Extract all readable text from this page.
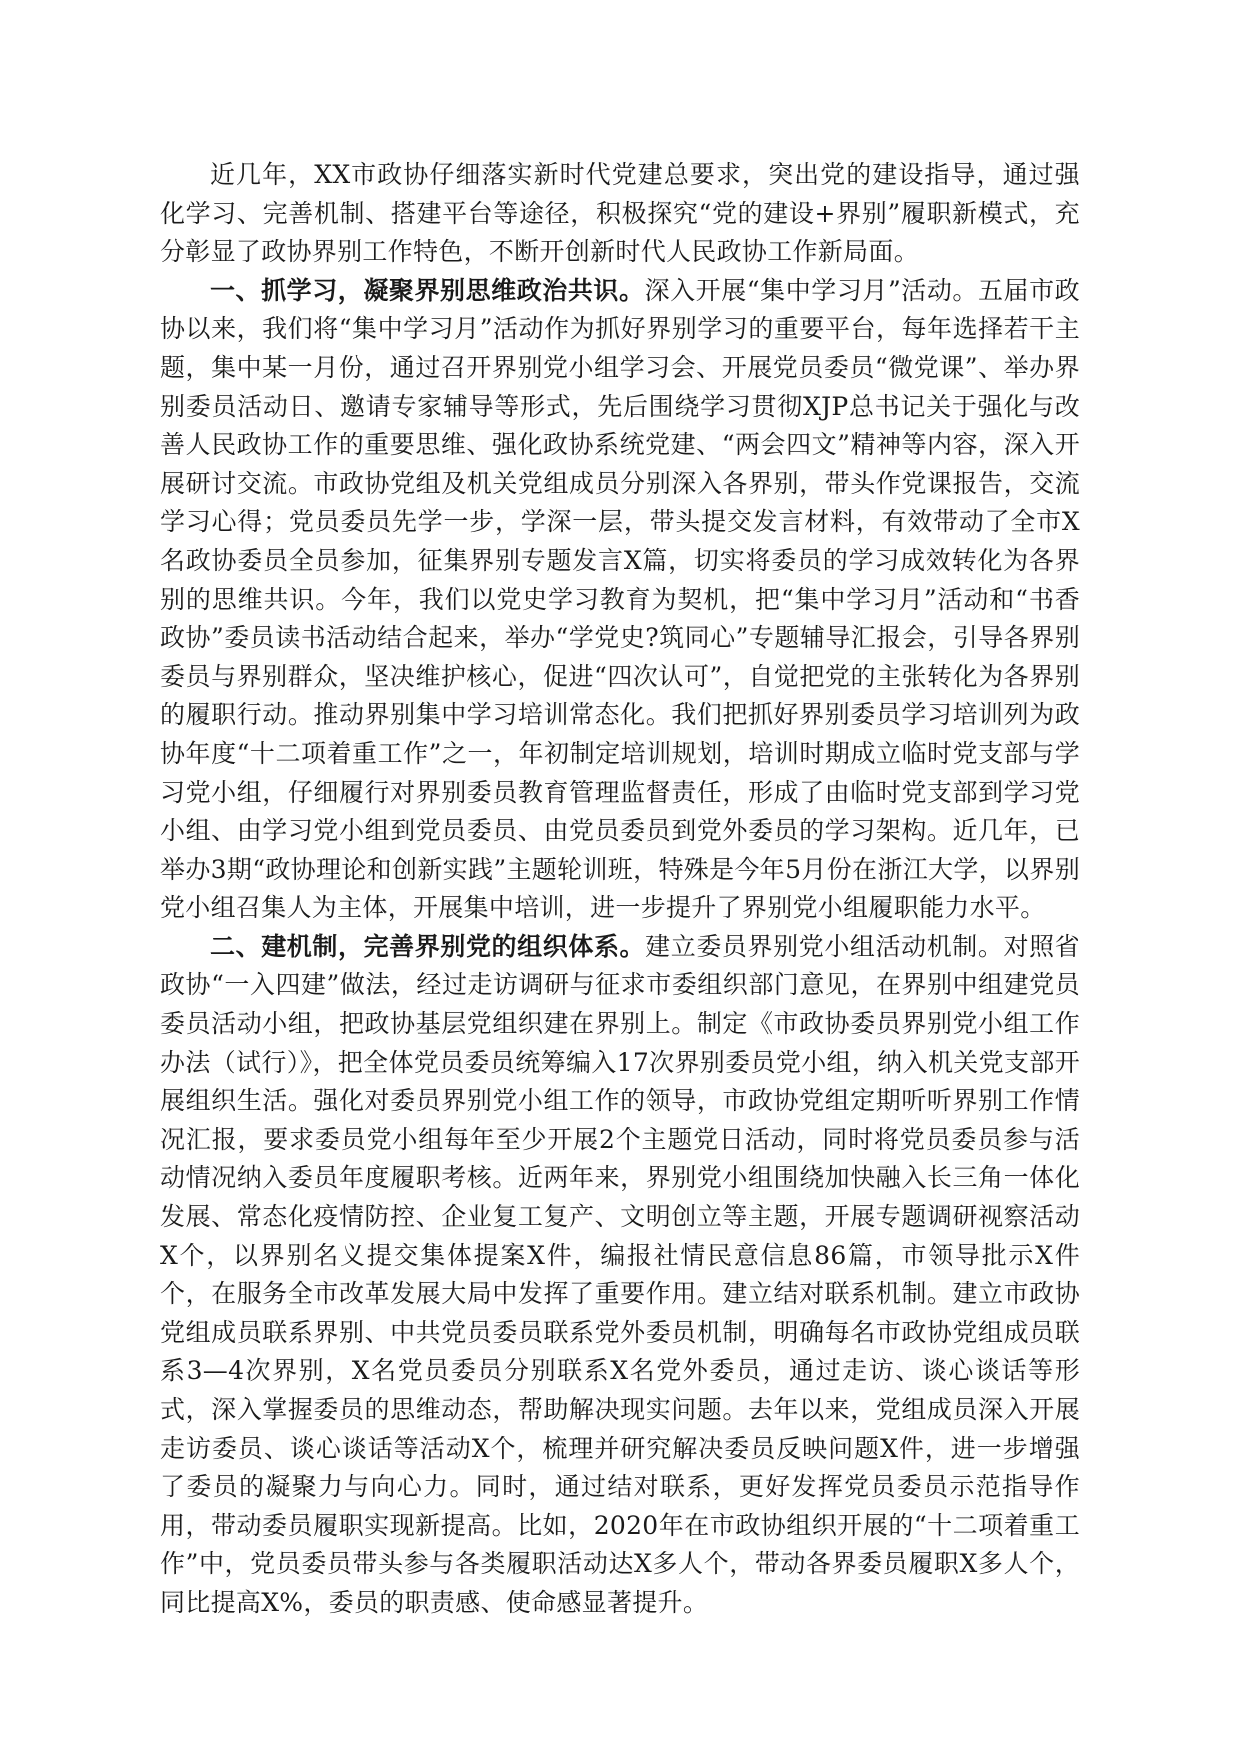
近几年，XX市政协仔细落实新时代党建总要求，突出党的建设指导，通过强化学习、完善机制、搭建平台等途径，积极探究“党的建设+界别”履职新模式，充分彰显了政协界别工作特色，不断开创新时代人民政协工作新局面。

一、抓学习，凝聚界别思维政治共识。深入开展“集中学习月”活动。五届市政协以来，我们将“集中学习月”活动作为抓好界别学习的重要平台，每年选择若干主题，集中某一月份，通过召开界别党小组学习会、开展党员委员“微党课”、举办界别委员活动日、邀请专家辅导等形式，先后围绕学习贯彻XJP总书记关于强化与改善人民政协工作的重要思维、强化政协系统党建、“两会四文”精神等内容，深入开展研讨交流。市政协党组及机关党组成员分别深入各界别，带头作党课报告，交流学习心得；党员委员先学一步，学深一层，带头提交发言材料，有效带动了全市X名政协委员全员参加，征集界别专题发言X篇，切实将委员的学习成效转化为各界别的思维共识。今年，我们以党史学习教育为契机，把“集中学习月”活动和“书香政协”委员读书活动结合起来，举办“学党史?筑同心”专题辅导汇报会，引导各界别委员与界别群众，坚决维护核心，促进“四次认可”，自觉把党的主张转化为各界别的履职行动。推动界别集中学习培训常态化。我们把抓好界别委员学习培训列为政协年度“十二项着重工作”之一，年初制定培训规划，培训时期成立临时党支部与学习党小组，仔细履行对界别委员教育管理监督责任，形成了由临时党支部到学习党小组、由学习党小组到党员委员、由党员委员到党外委员的学习架构。近几年，已举办3期“政协理论和创新实践”主题轮训班，特殊是今年5月份在浙江大学，以界别党小组召集人为主体，开展集中培训，进一步提升了界别党小组履职能力水平。

二、建机制，完善界别党的组织体系。建立委员界别党小组活动机制。对照省政协“一入四建”做法，经过走访调研与征求市委组织部门意见，在界别中组建党员委员活动小组，把政协基层党组织建在界别上。制定《市政协委员界别党小组工作办法（试行）》，把全体党员委员统筹编入17次界别委员党小组，纳入机关党支部开展组织生活。强化对委员界别党小组工作的领导，市政协党组定期听听界别工作情况汇报，要求委员党小组每年至少开展2个主题党日活动，同时将党员委员参与活动情况纳入委员年度履职考核。近两年来，界别党小组围绕加快融入长三角一体化发展、常态化疫情防控、企业复工复产、文明创立等主题，开展专题调研视察活动X个，以界别名义提交集体提案X件，编报社情民意信息86篇，市领导批示X件个，在服务全市改革发展大局中发挥了重要作用。建立结对联系机制。建立市政协党组成员联系界别、中共党员委员联系党外委员机制，明确每名市政协党组成员联系3—4次界别，X名党员委员分别联系X名党外委员，通过走访、谈心谈话等形式，深入掌握委员的思维动态，帮助解决现实问题。去年以来，党组成员深入开展走访委员、谈心谈话等活动X个，梳理并研究解决委员反映问题X件，进一步增强了委员的凝聚力与向心力。同时，通过结对联系，更好发挥党员委员示范指导作用，带动委员履职实现新提高。比如，2020年在市政协组织开展的“十二项着重工作”中，党员委员带头参与各类履职活动达X多人个，带动各界委员履职X多人个，同比提高X%，委员的职责感、使命感显著提升。
